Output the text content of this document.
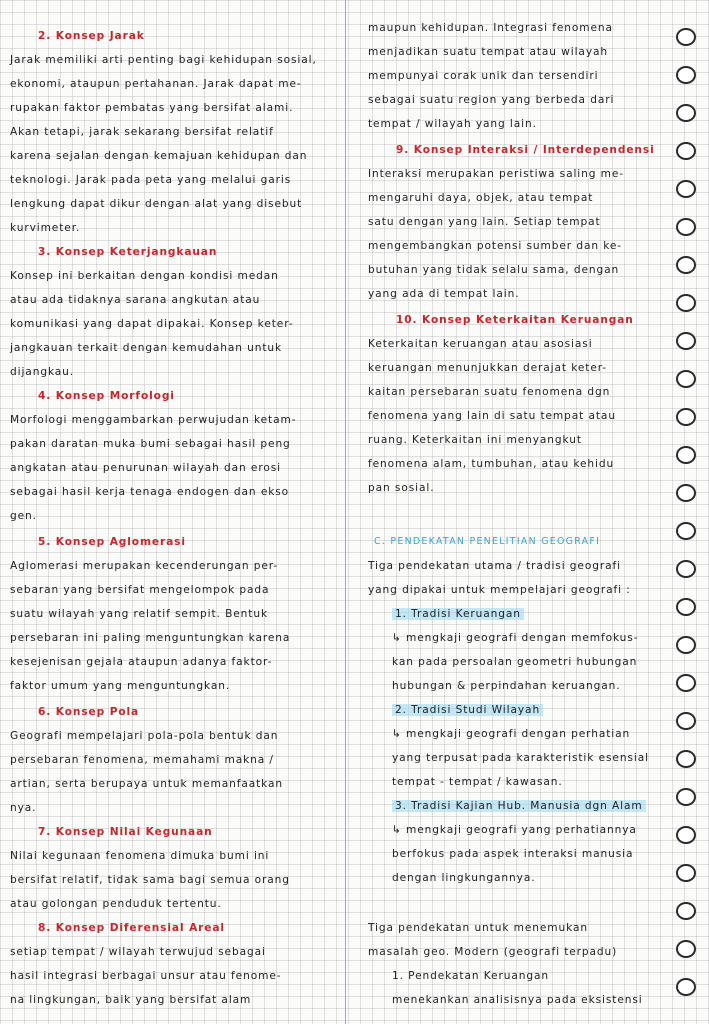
2. Konsep Jarak
Jarak memiliki arti penting bagi kehidupan sosial,
ekonomi, ataupun pertahanan. Jarak dapat me-
rupakan faktor pembatas yang bersifat alami.
Akan tetapi, jarak sekarang bersifat relatif
karena sejalan dengan kemajuan kehidupan dan
teknologi. Jarak pada peta yang melalui garis
lengkung dapat dikur dengan alat yang disebut
kurvimeter.
3. Konsep Keterjangkauan
Konsep ini berkaitan dengan kondisi medan
atau ada tidaknya sarana angkutan atau
komunikasi yang dapat dipakai. Konsep keter-
jangkauan terkait dengan kemudahan untuk
dijangkau.
4. Konsep Morfologi
Morfologi menggambarkan perwujudan ketam-
pakan daratan muka bumi sebagai hasil peng
angkatan atau penurunan wilayah dan erosi
sebagai hasil kerja tenaga endogen dan ekso
gen.
5. Konsep Aglomerasi
Aglomerasi merupakan kecenderungan per-
sebaran yang bersifat mengelompok pada
suatu wilayah yang relatif sempit. Bentuk
persebaran ini paling menguntungkan karena
kesejenisan gejala ataupun adanya faktor-
faktor umum yang menguntungkan.
6. Konsep Pola
Geografi mempelajari pola-pola bentuk dan
persebaran fenomena, memahami makna /
artian, serta berupaya untuk memanfaatkan
nya.
7. Konsep Nilai Kegunaan
Nilai kegunaan fenomena dimuka bumi ini
bersifat relatif, tidak sama bagi semua orang
atau golongan penduduk tertentu.
8. Konsep Diferensial Areal
setiap tempat / wilayah terwujud sebagai
hasil integrasi berbagai unsur atau fenome-
na lingkungan, baik yang bersifat alam
maupun kehidupan. Integrasi fenomena
menjadikan suatu tempat atau wilayah
mempunyai corak unik dan tersendiri
sebagai suatu region yang berbeda dari
tempat / wilayah yang lain.
9. Konsep Interaksi / Interdependensi
Interaksi merupakan peristiwa saling me-
mengaruhi daya, objek, atau tempat
satu dengan yang lain. Setiap tempat
mengembangkan potensi sumber dan ke-
butuhan yang tidak selalu sama, dengan
yang ada di tempat lain.
10. Konsep Keterkaitan Keruangan
Keterkaitan keruangan atau asosiasi
keruangan menunjukkan derajat keter-
kaitan persebaran suatu fenomena dgn
fenomena yang lain di satu tempat atau
ruang. Keterkaitan ini menyangkut
fenomena alam, tumbuhan, atau kehidu
pan sosial.
C. PENDEKATAN PENELITIAN GEOGRAFI
Tiga pendekatan utama / tradisi geografi
yang dipakai untuk mempelajari geografi :
1. Tradisi Keruangan
↳ mengkaji geografi dengan memfokus-
kan pada persoalan geometri hubungan
hubungan & perpindahan keruangan.
2. Tradisi Studi Wilayah
↳ mengkaji geografi dengan perhatian
yang terpusat pada karakteristik esensial
tempat - tempat / kawasan.
3. Tradisi Kajian Hub. Manusia dgn Alam
↳ mengkaji geografi yang perhatiannya
berfokus pada aspek interaksi manusia
dengan lingkungannya.
Tiga pendekatan untuk menemukan
masalah geo. Modern (geografi terpadu)
1. Pendekatan Keruangan
menekankan analisisnya pada eksistensi
